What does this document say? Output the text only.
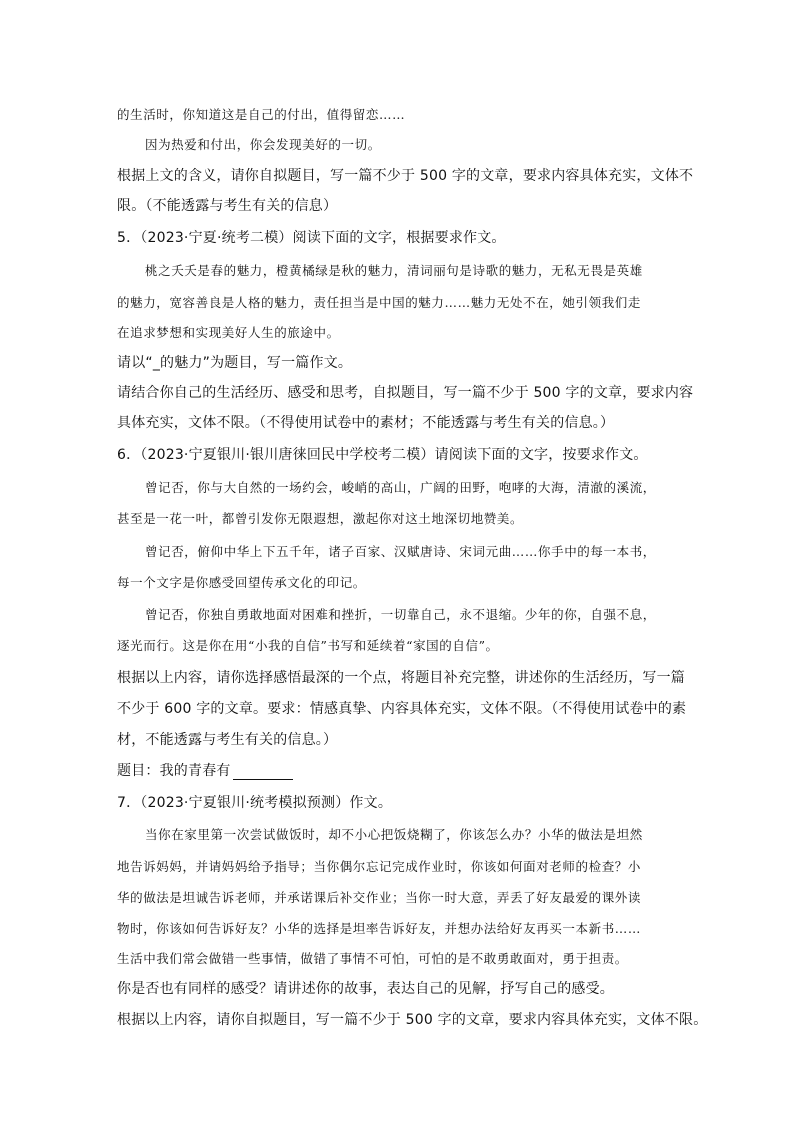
的生活时，你知道这是自己的付出，值得留恋……
因为热爱和付出，你会发现美好的一切。
根据上文的含义，请你自拟题目，写一篇不少于 500 字的文章，要求内容具体充实，文体不
限。（不能透露与考生有关的信息）
5．（2023·宁夏·统考二模）阅读下面的文字，根据要求作文。
桃之夭夭是春的魅力，橙黄橘绿是秋的魅力，清词丽句是诗歌的魅力，无私无畏是英雄
的魅力，宽容善良是人格的魅力，责任担当是中国的魅力……魅力无处不在，她引领我们走
在追求梦想和实现美好人生的旅途中。
请以“_的魅力”为题目，写一篇作文。
请结合你自己的生活经历、感受和思考，自拟题目，写一篇不少于 500 字的文章，要求内容
具体充实，文体不限。（不得使用试卷中的素材；不能透露与考生有关的信息。）
6．（2023·宁夏银川·银川唐徕回民中学校考二模）请阅读下面的文字，按要求作文。
曾记否，你与大自然的一场约会，峻峭的高山，广阔的田野，咆哮的大海，清澈的溪流，
甚至是一花一叶，都曾引发你无限遐想，激起你对这土地深切地赞美。
曾记否，俯仰中华上下五千年，诸子百家、汉赋唐诗、宋词元曲……你手中的每一本书，
每一个文字是你感受回望传承文化的印记。
曾记否，你独自勇敢地面对困难和挫折，一切靠自己，永不退缩。少年的你，自强不息，
逐光而行。这是你在用“小我的自信”书写和延续着“家国的自信”。
根据以上内容，请你选择感悟最深的一个点，将题目补充完整，讲述你的生活经历，写一篇
不少于 600 字的文章。要求：情感真挚、内容具体充实，文体不限。（不得使用试卷中的素
材，不能透露与考生有关的信息。）
题目：我的青春有
7．（2023·宁夏银川·统考模拟预测）作文。
当你在家里第一次尝试做饭时，却不小心把饭烧糊了，你该怎么办？小华的做法是坦然
地告诉妈妈，并请妈妈给予指导；当你偶尔忘记完成作业时，你该如何面对老师的检查？小
华的做法是坦诚告诉老师，并承诺课后补交作业；当你一时大意，弄丢了好友最爱的课外读
物时，你该如何告诉好友？小华的选择是坦率告诉好友，并想办法给好友再买一本新书……
生活中我们常会做错一些事情，做错了事情不可怕，可怕的是不敢勇敢面对，勇于担责。
你是否也有同样的感受？请讲述你的故事，表达自己的见解，抒写自己的感受。
根据以上内容，请你自拟题目，写一篇不少于 500 字的文章，要求内容具体充实，文体不限。
